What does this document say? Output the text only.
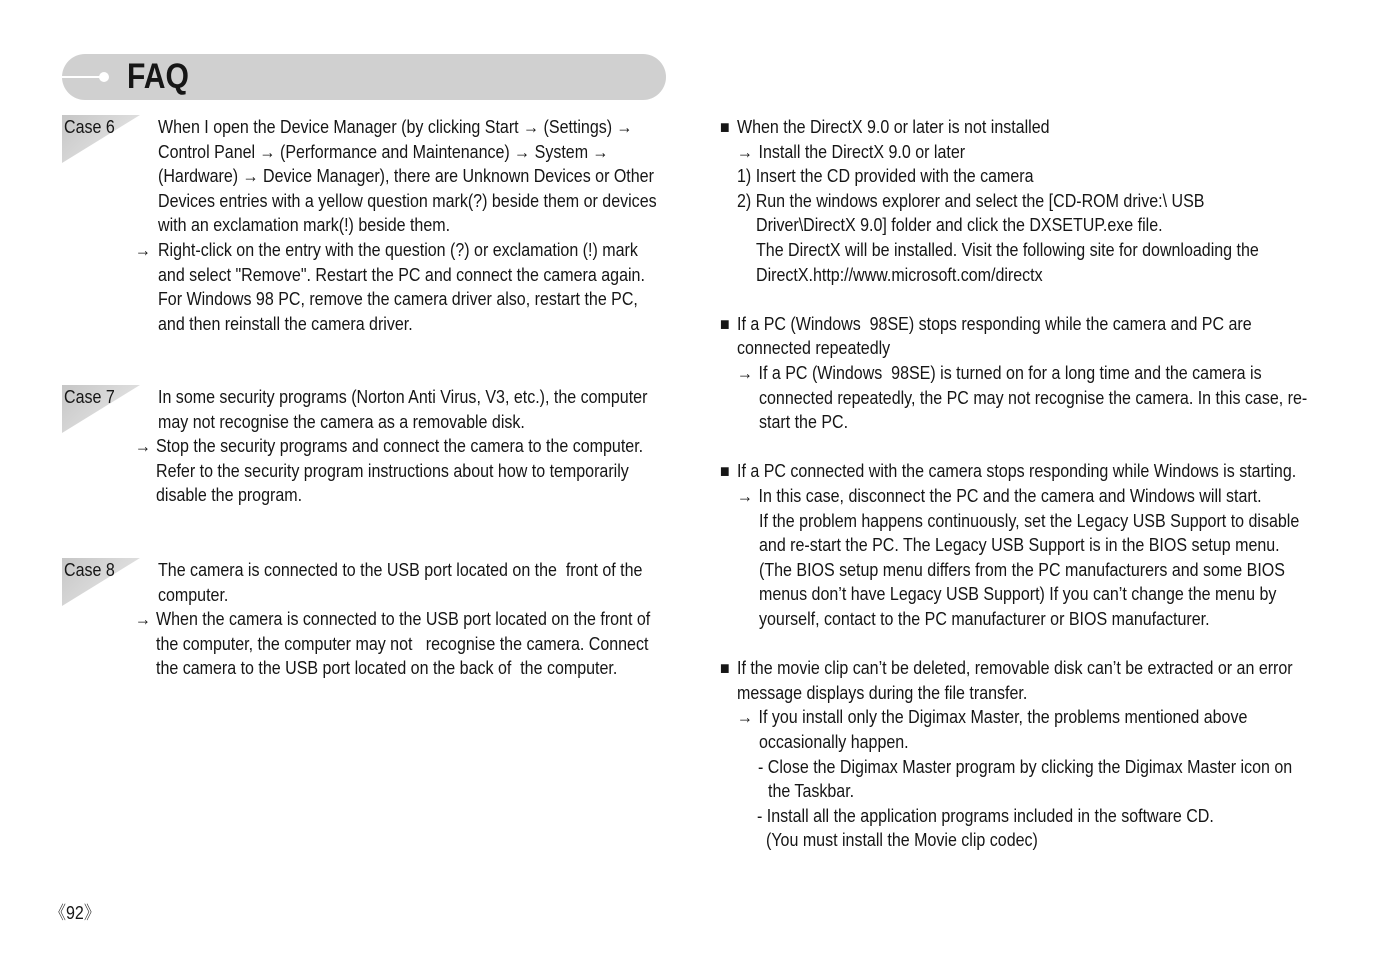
FAQ
Case 6 When I open the Device Manager (by clicking Start → (Settings) →
Control Panel → (Performance and Maintenance) → System →
(Hardware) → Device Manager), there are Unknown Devices or Other
Devices entries with a yellow question mark(?) beside them or devices
with an exclamation mark(!) beside them.
→ Right-click on the entry with the question (?) or exclamation (!) mark
and select "Remove". Restart the PC and connect the camera again.
For Windows 98 PC, remove the camera driver also, restart the PC,
and then reinstall the camera driver.
Case 7 In some security programs (Norton Anti Virus, V3, etc.), the computer
may not recognise the camera as a removable disk.
→ Stop the security programs and connect the camera to the computer.
Refer to the security program instructions about how to temporarily
disable the program.
Case 8 The camera is connected to the USB port located on the  front of the
computer.
→ When the camera is connected to the USB port located on the front of
the computer, the computer may not   recognise the camera. Connect
the camera to the USB port located on the back of  the computer.
■ When the DirectX 9.0 or later is not installed
→ Install the DirectX 9.0 or later
1) Insert the CD provided with the camera
2) Run the windows explorer and select the [CD-ROM drive:\ USB
Driver\DirectX 9.0] folder and click the DXSETUP.exe file.
The DirectX will be installed. Visit the following site for downloading the
DirectX.http://www.microsoft.com/directx
■ If a PC (Windows  98SE) stops responding while the camera and PC are
connected repeatedly
→ If a PC (Windows  98SE) is turned on for a long time and the camera is
connected repeatedly, the PC may not recognise the camera. In this case, re-
start the PC.
■ If a PC connected with the camera stops responding while Windows is starting.
→ In this case, disconnect the PC and the camera and Windows will start.
If the problem happens continuously, set the Legacy USB Support to disable
and re-start the PC. The Legacy USB Support is in the BIOS setup menu.
(The BIOS setup menu differs from the PC manufacturers and some BIOS
menus don’t have Legacy USB Support) If you can’t change the menu by
yourself, contact to the PC manufacturer or BIOS manufacturer.
■ If the movie clip can’t be deleted, removable disk can’t be extracted or an error
message displays during the file transfer.
→ If you install only the Digimax Master, the problems mentioned above
occasionally happen.
- Close the Digimax Master program by clicking the Digimax Master icon on
the Taskbar.
- Install all the application programs included in the software CD.
(You must install the Movie clip codec)
《92》
